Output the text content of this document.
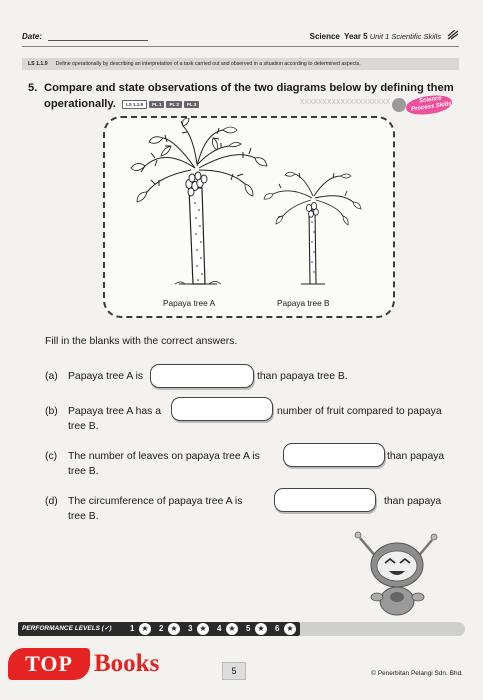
xxxxxxxxxxxxxxxxxxxx
Date:	Science Year 5 Unit 1 Scientific Skills
LS 1.1.9 Define operationally by describing an interpretation of a task carried out and observed in a situation according to determined aspects.
5. Compare and state observations of the two diagrams below by defining them operationally. LS 1.1.9 PL 1 PL 2 PL 3	Science Process Skills
Papaya tree A	Papaya tree B
Fill in the blanks with the correct answers.
(a) Papaya tree A is	than papaya tree B.
(b) Papaya tree A has a	number of fruit compared to papaya
tree B.
(c) The number of leaves on papaya tree A is	than papaya
tree B.
(d) The circumference of papaya tree A is	than papaya
tree B.
PERFORMANCE LEVELS (✓) 1 ★	2 ★	3 ★	4 ★	5 ★	6 ★
TOP Books	5	© Penerbitan Pelangi Sdn. Bhd.
